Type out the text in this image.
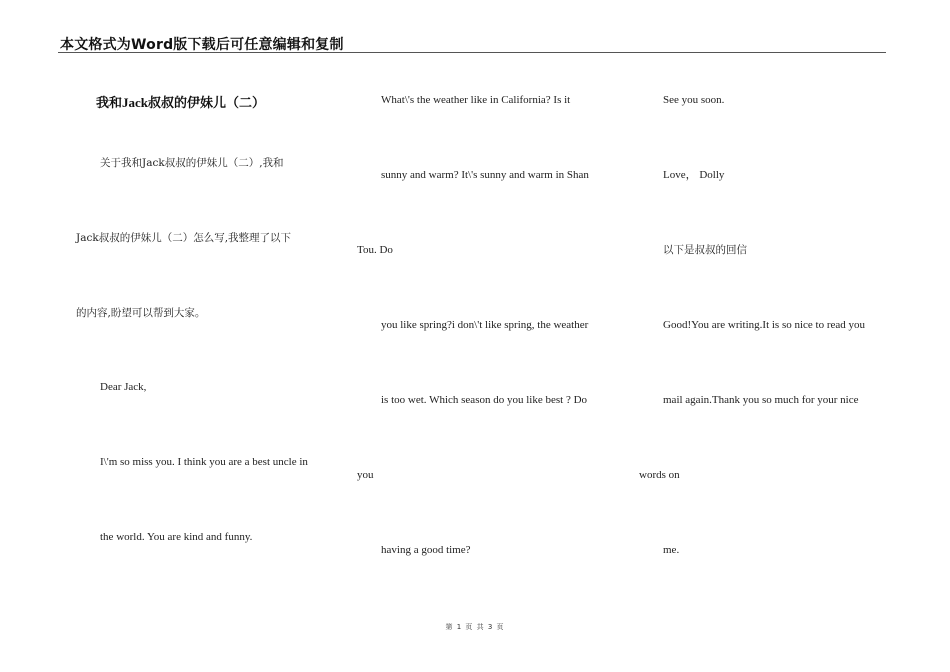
本文格式为Word版下载后可任意编辑和复制
我和Jack叔叔的伊妹儿（二）
关于我和Jack叔叔的伊妹儿（二）,我和
Jack叔叔的伊妹儿（二）怎么写,我整理了以下
的内容,盼望可以帮到大家。
Dear Jack,
I\'m so miss you. I think you are a best uncle in
the world. You are kind and funny.
What\'s the weather like in California? Is it
sunny and warm? It\'s sunny and warm in Shan
Tou. Do
you like spring?i don\'t like spring, the weather
is too wet. Which season do you like best ? Do
you
having a good time?
See you soon.
Love， Dolly
以下是叔叔的回信
Good!You are writing.It is so nice to read you
mail again.Thank you so much for your nice
words on
me.
第 1 页 共 3 页
